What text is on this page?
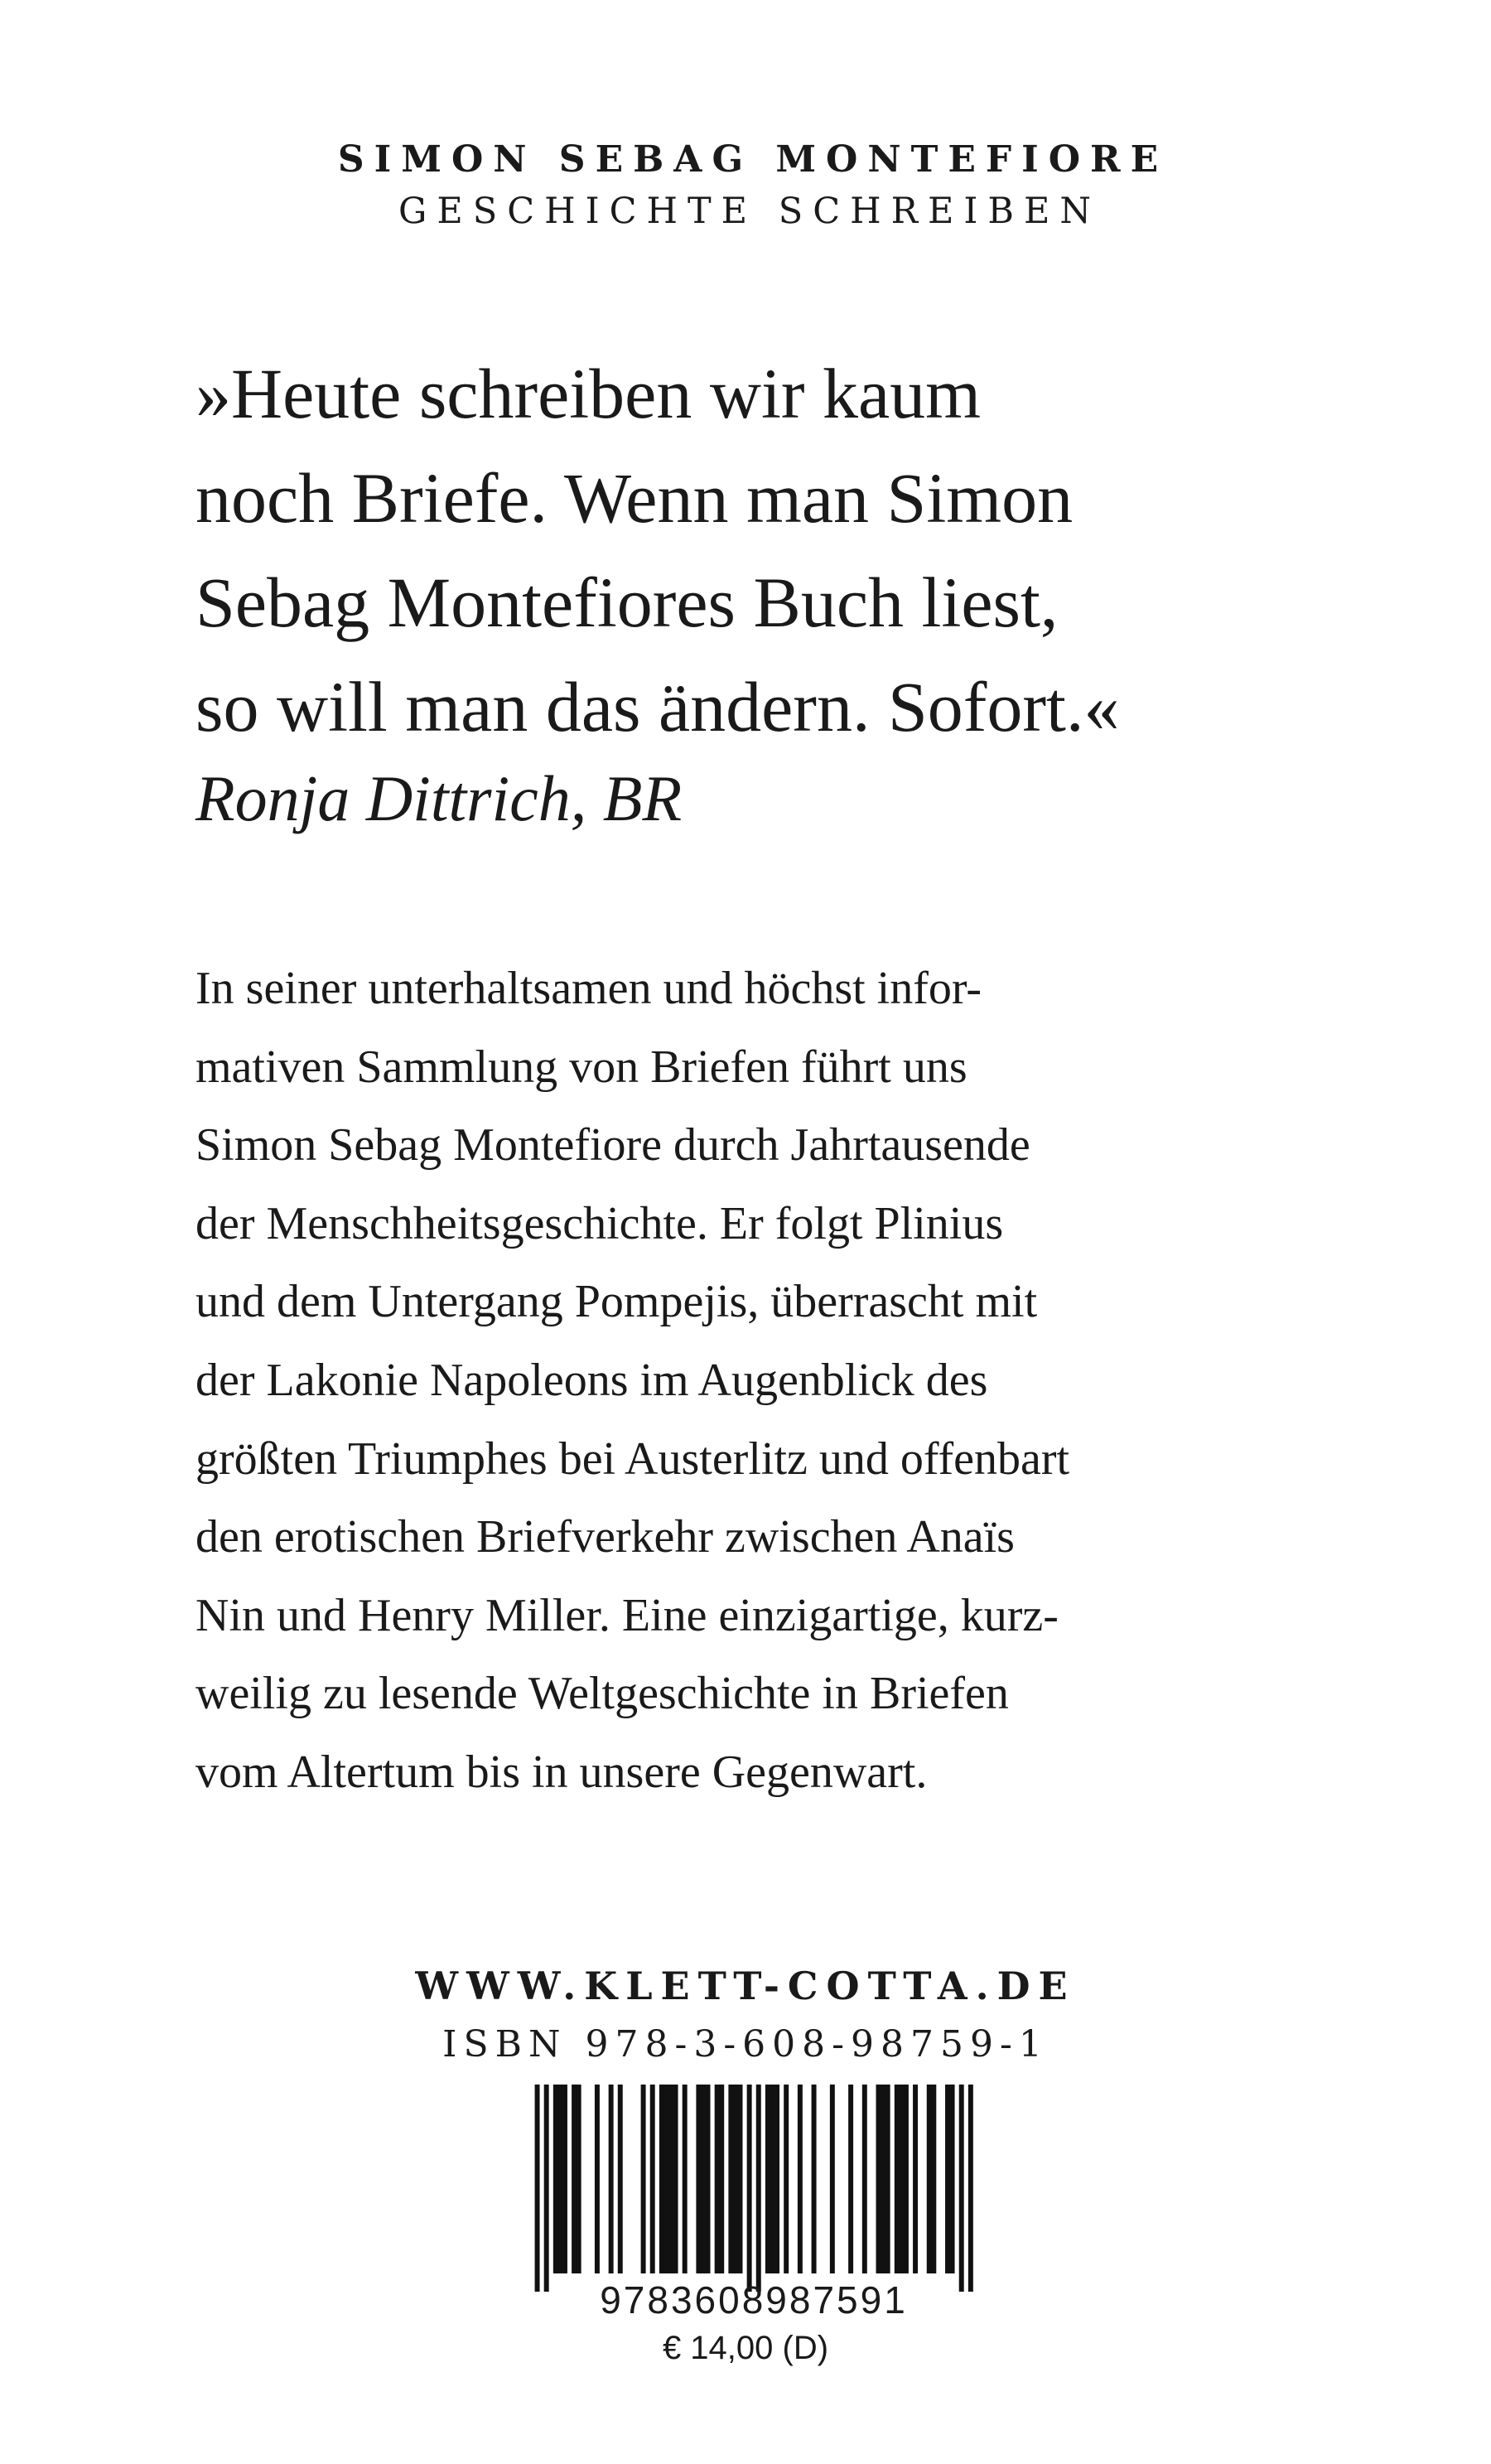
SIMON SEBAG MONTEFIORE
GESCHICHTE SCHREIBEN
»Heute schreiben wir kaum
noch Briefe. Wenn man Simon
Sebag Montefiores Buch liest,
so will man das ändern. Sofort.«
Ronja Dittrich, BR
In seiner unterhaltsamen und höchst infor-
mativen Sammlung von Briefen führt uns
Simon Sebag Montefiore durch Jahrtausende
der Menschheitsgeschichte. Er folgt Plinius
und dem Untergang Pompejis, überrascht mit
der Lakonie Napoleons im Augenblick des
größten Triumphes bei Austerlitz und offenbart
den erotischen Briefverkehr zwischen Anaïs
Nin und Henry Miller. Eine einzigartige, kurz-
weilig zu lesende Weltgeschichte in Briefen
vom Altertum bis in unsere Gegenwart.
WWW.KLETT-COTTA.DE
ISBN 978-3-608-98759-1
9783608987591
€ 14,00 (D)
